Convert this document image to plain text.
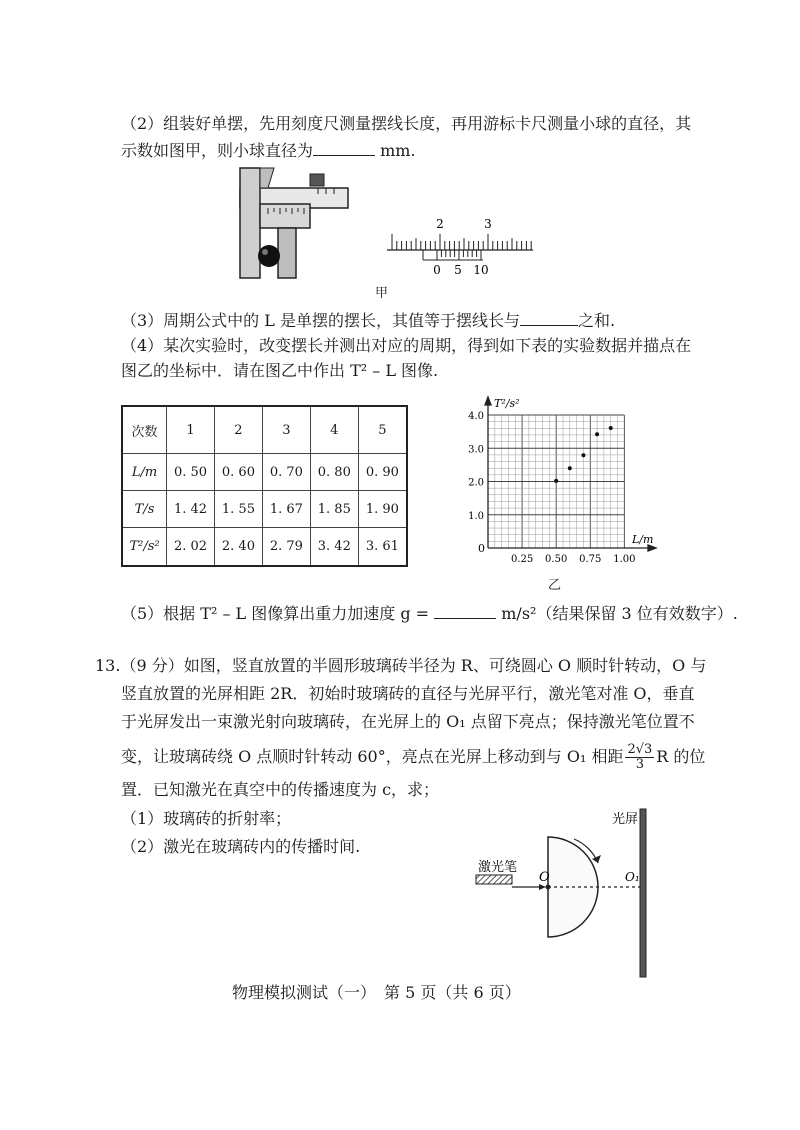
（2）组装好单摆，先用刻度尺测量摆线长度，再用游标卡尺测量小球的直径，其
示数如图甲，则小球直径为	mm.
2	3
0 5 10
甲
（3）周期公式中的 L 是单摆的摆长，其值等于摆线长与	之和.
（4）某次实验时，改变摆长并测出对应的周期，得到如下表的实验数据并描点在
图乙的坐标中．请在图乙中作出 T² – L 图像.
次数	1	2	3	4	5
L/m	0. 50	0. 60	0. 70	0. 80	0. 90
T/s	1. 42	1. 55	1. 67	1. 85	1. 90
T²/s²	2. 02	2. 40	2. 79	3. 42	3. 61
0.25 0.50 0.75 1.00
1.0
2.0
3.0
4.0
T²/s²
L/m
0
乙
（5）根据 T² – L 图像算出重力加速度 g =	m/s²（结果保留 3 位有效数字）.
13.（9 分）如图，竖直放置的半圆形玻璃砖半径为 R、可绕圆心 O 顺时针转动，O 与
竖直放置的光屏相距 2R．初始时玻璃砖的直径与光屏平行，激光笔对准 O，垂直
于光屏发出一束激光射向玻璃砖，在光屏上的 O₁ 点留下亮点；保持激光笔位置不
变，让玻璃砖绕 O 点顺时针转动 60°，亮点在光屏上移动到与 O₁ 相距 $\frac{2√3}{3}$ R 的位
置．已知激光在真空中的传播速度为 c，求；
（1）玻璃砖的折射率；
（2）激光在玻璃砖内的传播时间.
光屏
激光笔
O	O₁
物理模拟测试（一）　第 5 页（共 6 页）
